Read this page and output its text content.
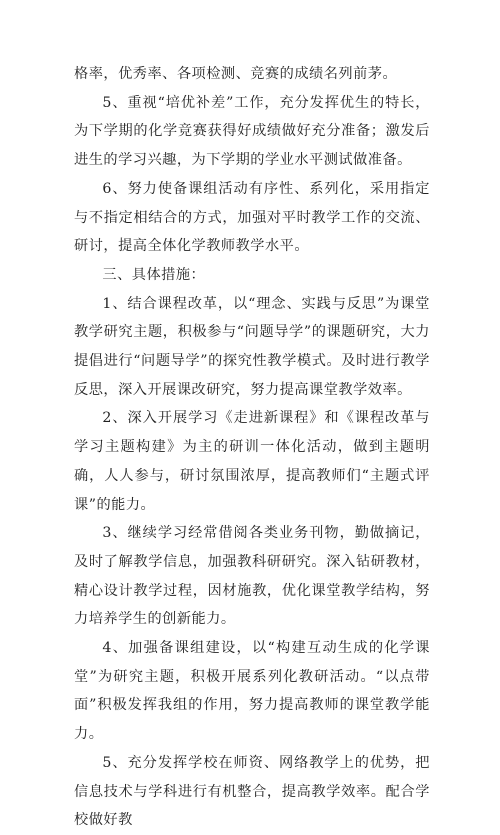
格率，优秀率、各项检测、竞赛的成绩名列前茅。

5、重视“培优补差”工作，充分发挥优生的特长，为下学期的化学竞赛获得好成绩做好充分准备；激发后进生的学习兴趣，为下学期的学业水平测试做准备。

6、努力使备课组活动有序性、系列化，采用指定与不指定相结合的方式，加强对平时教学工作的交流、研讨，提高全体化学教师教学水平。

三、具体措施：

1、结合课程改革，以“理念、实践与反思”为课堂教学研究主题，积极参与“问题导学”的课题研究，大力提倡进行“问题导学”的探究性教学模式。及时进行教学反思，深入开展课改研究，努力提高课堂教学效率。

2、深入开展学习《走进新课程》和《课程改革与学习主题构建》为主的研训一体化活动，做到主题明确，人人参与，研讨氛围浓厚，提高教师们“主题式评课”的能力。

3、继续学习经常借阅各类业务刊物，勤做摘记，及时了解教学信息，加强教科研研究。深入钻研教材，精心设计教学过程，因材施教，优化课堂教学结构，努力培养学生的创新能力。

4、加强备课组建设，以“构建互动生成的化学课堂”为研究主题，积极开展系列化教研活动。“以点带面”积极发挥我组的作用，努力提高教师的课堂教学能力。

5、充分发挥学校在师资、网络教学上的优势，把信息技术与学科进行有机整合，提高教学效率。配合学校做好教
